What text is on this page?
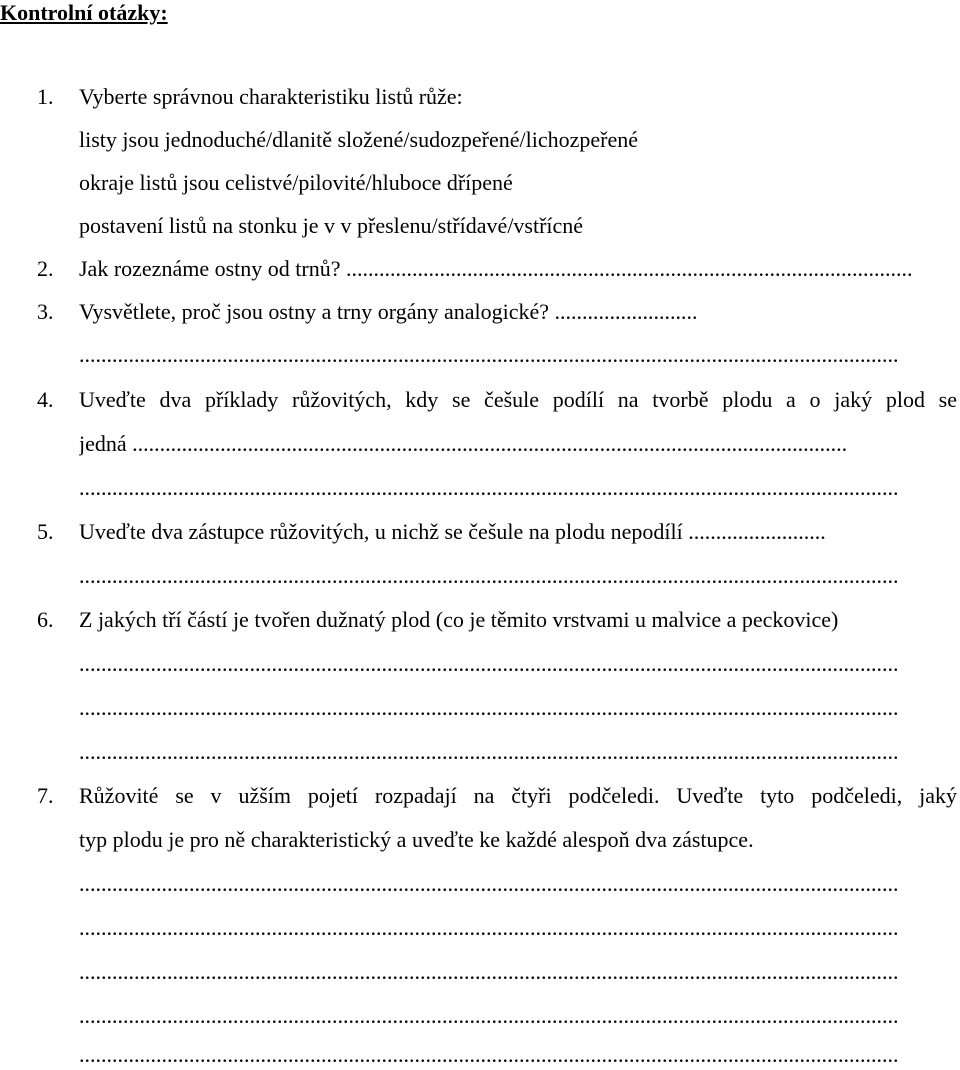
Kontrolní otázky:
1. Vyberte správnou charakteristiku listů růže:
listy jsou jednoduché/dlanitě složené/sudozpeřené/lichozpeřené
okraje listů jsou celistvé/pilovité/hluboce dřípené
postavení listů na stonku je v v přeslenu/střídavé/vstřícné
2. Jak rozeznáme ostny od trnů? .......................................................................................................
3. Vysvětlete, proč jsou ostny a trny orgány analogické? ..........................
.....................................................................................................................................................
4. Uveďte dva příklady růžovitých, kdy se češule podílí na tvorbě plodu a o jaký plod se
jedná ..................................................................................................................................
.....................................................................................................................................................
5. Uveďte dva zástupce růžovitých, u nichž se češule na plodu nepodílí .........................
.....................................................................................................................................................
6. Z jakých tří částí je tvořen dužnatý plod (co je těmito vrstvami u malvice a peckovice)
.....................................................................................................................................................
.....................................................................................................................................................
.....................................................................................................................................................
7. Růžovité se v užším pojetí rozpadají na čtyři podčeledi. Uveďte tyto podčeledi, jaký
typ plodu je pro ně charakteristický a uveďte ke každé alespoň dva zástupce.
.....................................................................................................................................................
.....................................................................................................................................................
.....................................................................................................................................................
.....................................................................................................................................................
.....................................................................................................................................................
